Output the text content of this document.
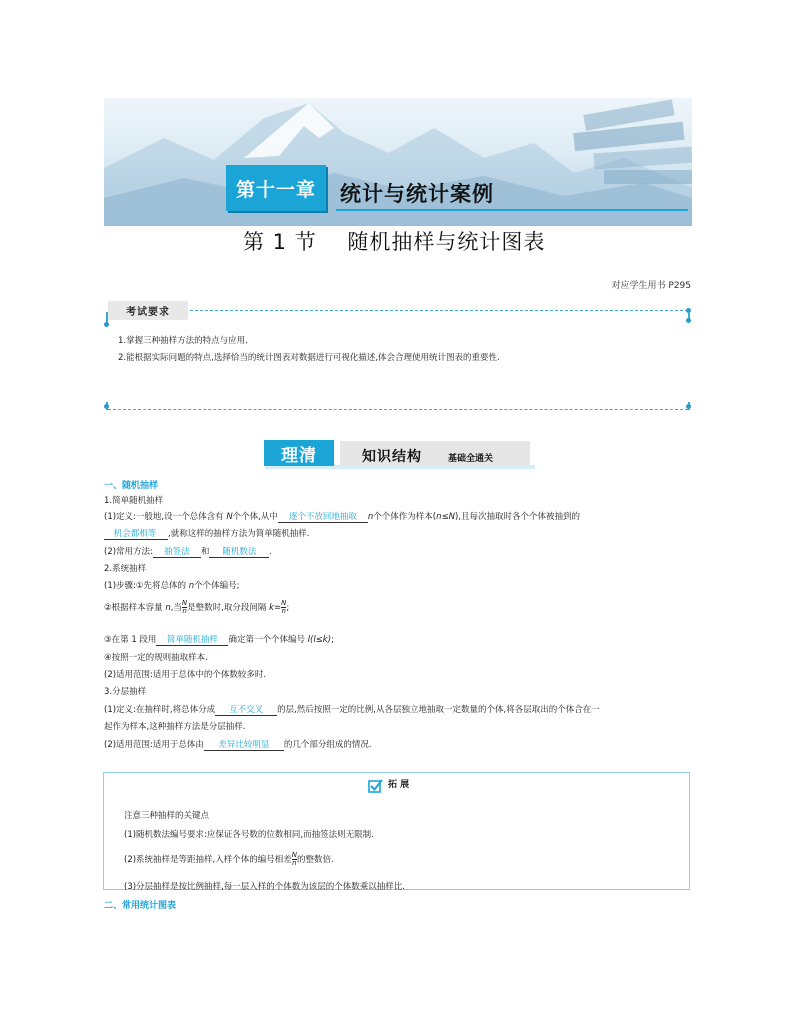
第十一章	统计与统计案例
第 1 节    随机抽样与统计图表
对应学生用书 P295
考试要求
1.掌握三种抽样方法的特点与应用.
2.能根据实际问题的特点,选择恰当的统计图表对数据进行可视化描述,体会合理使用统计图表的重要性.
理清	知识结构	基础全通关
一、随机抽样
1.简单随机抽样
(1)定义:一般地,设一个总体含有 N个个体,从中 逐个不放回地抽取 n个个体作为样本(n≤N),且每次抽取时各个个体被抽到的
机会都相等 ,就称这样的抽样方法为简单随机抽样.
(2)常用方法: 抽签法 和 随机数法 .
2.系统抽样
(1)步骤:①先将总体的 n个个体编号;
②根据样本容量 n,当 $\frac{N}{n}$ 是整数时,取分段间隔 $k= \frac{N}{n}$ ;
③在第 1 段用 简单随机抽样 确定第一个个体编号 l(l≤k);
④按照一定的规则抽取样本.
(2)适用范围:适用于总体中的个体数较多时.
3.分层抽样
(1)定义:在抽样时,将总体分成 互不交叉 的层,然后按照一定的比例,从各层独立地抽取一定数量的个体,将各层取出的个体合在一
起作为样本,这种抽样方法是分层抽样.
(2)适用范围:适用于总体由 差异比较明显 的几个部分组成的情况.
拓 展
注意三种抽样的关键点
(1)随机数法编号要求:应保证各号数的位数相同,而抽签法则无限制.
(2)系统抽样是等距抽样,入样个体的编号相差 $\frac{N}{n}$ 的整数倍.
(3)分层抽样是按比例抽样,每一层入样的个体数为该层的个体数乘以抽样比.
二、常用统计图表
